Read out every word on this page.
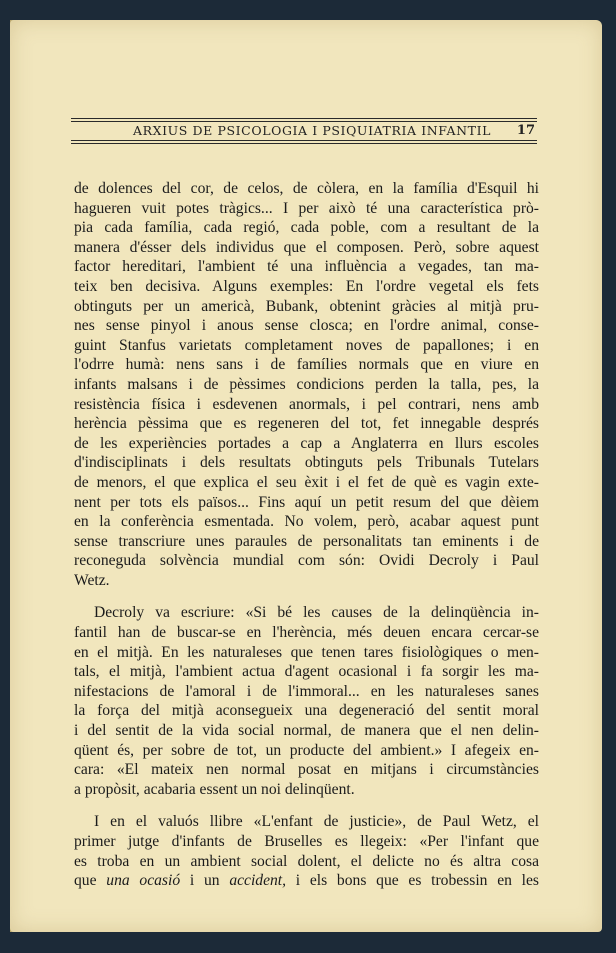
ARXIUS DE PSICOLOGIA I PSIQUIATRIA INFANTIL 17
de dolences del cor, de celos, de còlera, en la família d'Esquil hi
hagueren vuit potes tràgics... I per això té una característica prò-
pia cada família, cada regió, cada poble, com a resultant de la
manera d'ésser dels individus que el composen. Però, sobre aquest
factor hereditari, l'ambient té una influència a vegades, tan ma-
teix ben decisiva. Alguns exemples: En l'ordre vegetal els fets
obtinguts per un americà, Bubank, obtenint gràcies al mitjà pru-
nes sense pinyol i anous sense closca; en l'ordre animal, conse-
guint Stanfus varietats completament noves de papallones; i en
l'odrre humà: nens sans i de famílies normals que en viure en
infants malsans i de pèssimes condicions perden la talla, pes, la
resistència física i esdevenen anormals, i pel contrari, nens amb
herència pèssima que es regeneren del tot, fet innegable després
de les experiències portades a cap a Anglaterra en llurs escoles
d'indisciplinats i dels resultats obtinguts pels Tribunals Tutelars
de menors, el que explica el seu èxit i el fet de què es vagin exte-
nent per tots els països... Fins aquí un petit resum del que dèiem
en la conferència esmentada. No volem, però, acabar aquest punt
sense transcriure unes paraules de personalitats tan eminents i de
reconeguda solvència mundial com són: Ovidi Decroly i Paul
Wetz.
Decroly va escriure: «Si bé les causes de la delinqüència in-
fantil han de buscar-se en l'herència, més deuen encara cercar-se
en el mitjà. En les naturaleses que tenen tares fisiològiques o men-
tals, el mitjà, l'ambient actua d'agent ocasional i fa sorgir les ma-
nifestacions de l'amoral i de l'immoral... en les naturaleses sanes
la força del mitjà aconsegueix una degeneració del sentit moral
i del sentit de la vida social normal, de manera que el nen delin-
qüent és, per sobre de tot, un producte del ambient.» I afegeix en-
cara: «El mateix nen normal posat en mitjans i circumstàncies
a propòsit, acabaria essent un noi delinqüent.
I en el valuós llibre «L'enfant de justicie», de Paul Wetz, el
primer jutge d'infants de Bruselles es llegeix: «Per l'infant que
es troba en un ambient social dolent, el delicte no és altra cosa
que una ocasió i un accident, i els bons que es trobessin en les
